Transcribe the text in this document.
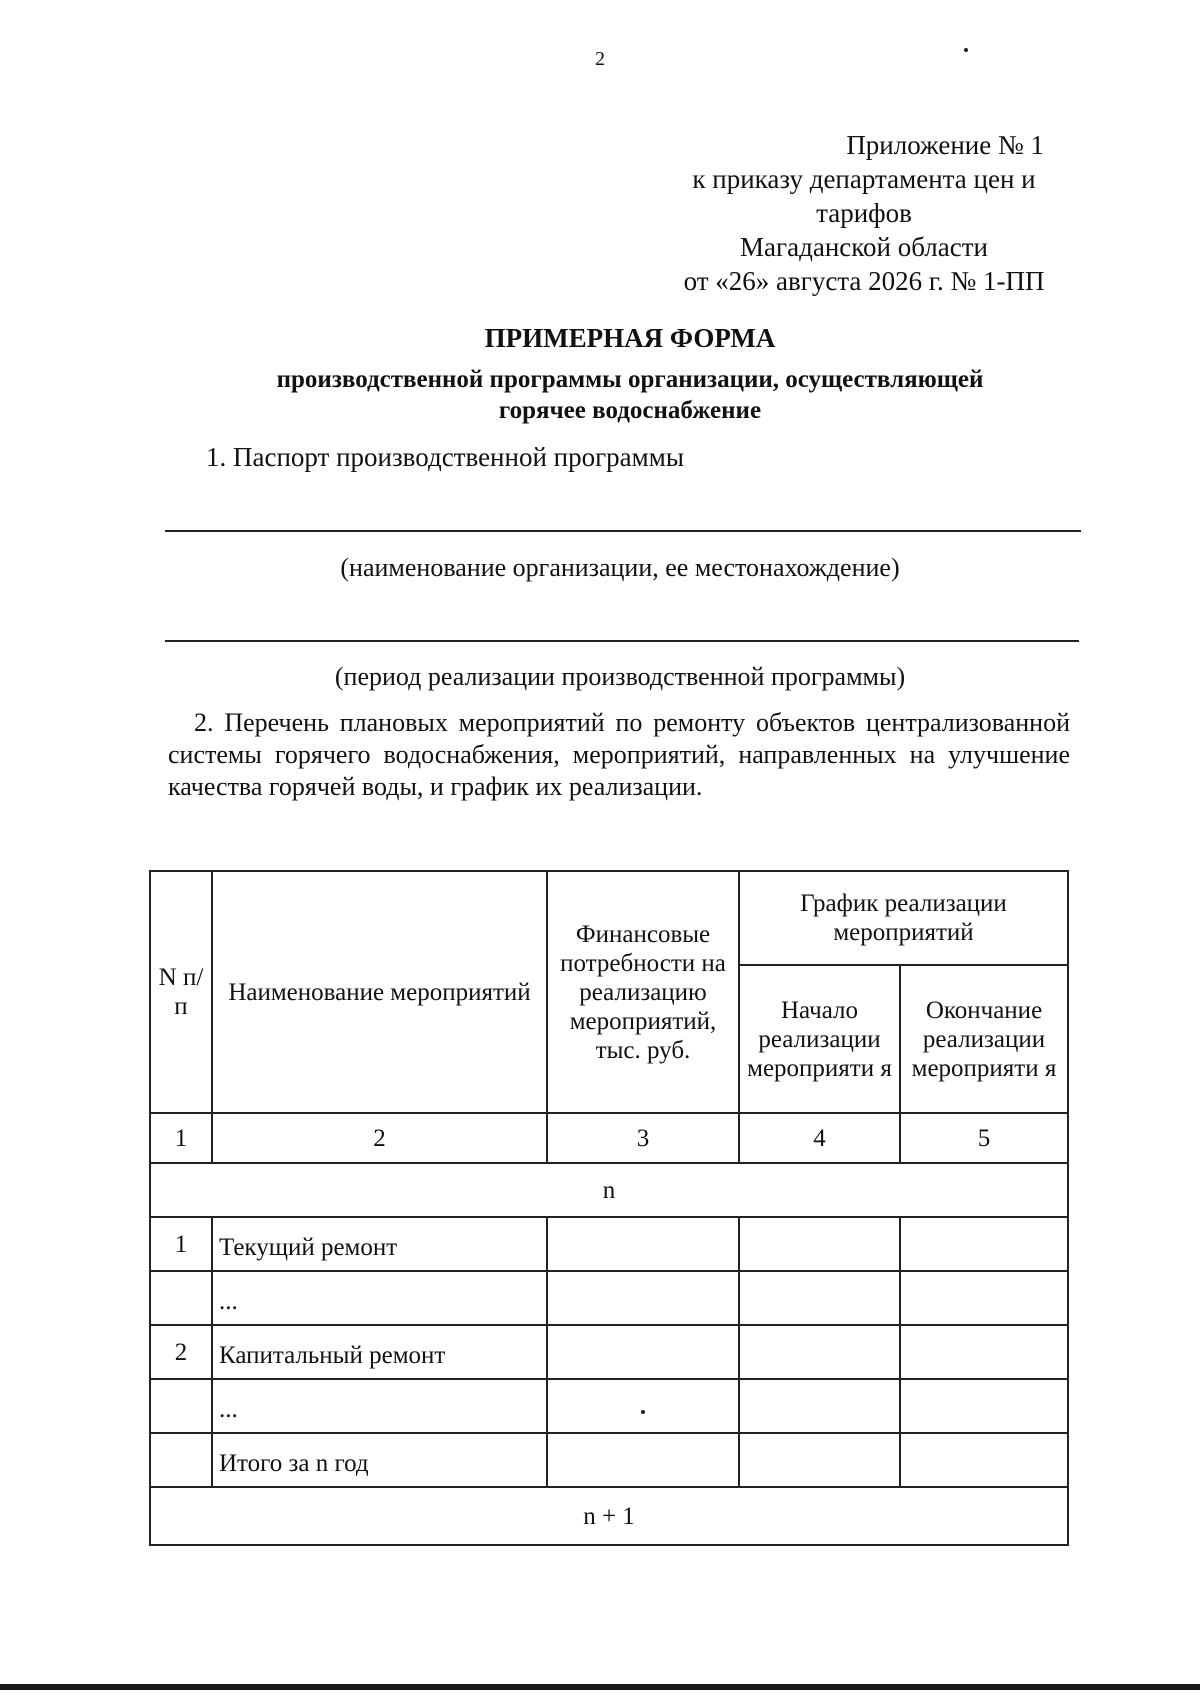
2
Приложение № 1
к приказу департамента цен и
тарифов
Магаданской области
от «26» августа 2026 г. № 1-ПП
ПРИМЕРНАЯ ФОРМА
производственной программы организации, осуществляющей
горячее водоснабжение
1. Паспорт производственной программы
(наименование организации, ее местонахождение)
(период реализации производственной программы)
2. Перечень плановых мероприятий по ремонту объектов централизованной системы горячего водоснабжения, мероприятий, направленных на улучшение качества горячей воды, и график их реализации.
N п/п	Наименование мероприятий	Финансовые потребности на реализацию мероприятий, тыс. руб.	График реализации мероприятий	
			Начало реализации мероприяти я	Окончание реализации мероприяти я
1	2	3	4	5
n				
1	Текущий ремонт			
	...			
2	Капитальный ремонт			
	...			
	Итого за n год			
n + 1				
